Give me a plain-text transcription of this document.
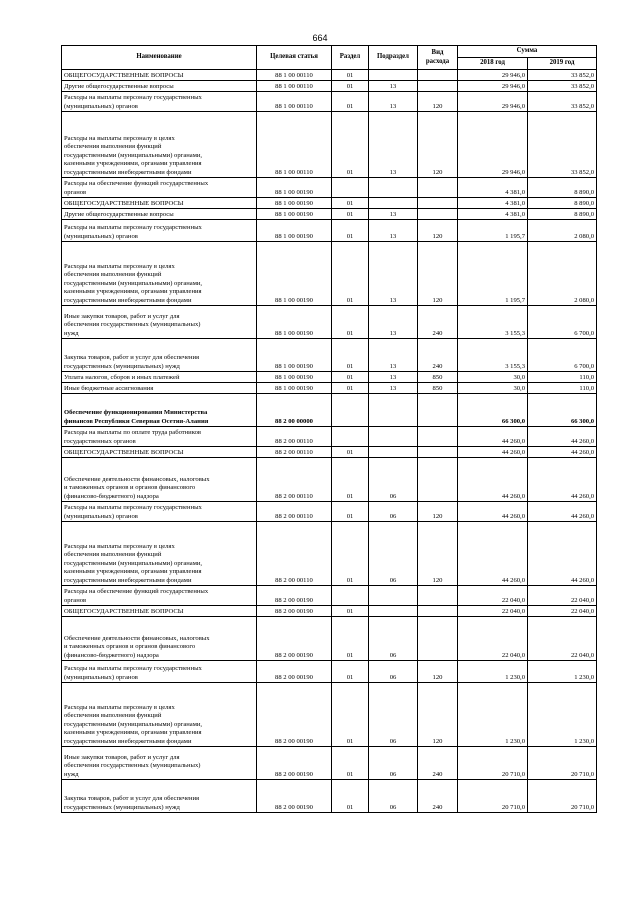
664
Наименование	Целевая статья	Раздел	Подраздел	Вид расхода	Сумма	
					2018 год	2019 год
ОБЩЕГОСУДАРСТВЕННЫЕ ВОПРОСЫ	88 1 00 00110	01			29 946,0	33 852,0
Другие общегосударственные вопросы	88 1 00 00110	01	13		29 946,0	33 852,0
Расходы на выплаты персоналу государственных
(муниципальных) органов	88 1 00 00110	01	13	120	29 946,0	33 852,0
Расходы на выплаты персоналу в целях
обеспечения выполнения функций
государственными (муниципальными) органами,
казенными учреждениями, органами управления
государственными внебюджетными фондами	88 1 00 00110	01	13	120	29 946,0	33 852,0
Расходы на обеспечение функций государственных
органов	88 1 00 00190				4 381,0	8 890,0
ОБЩЕГОСУДАРСТВЕННЫЕ ВОПРОСЫ	88 1 00 00190	01			4 381,0	8 890,0
Другие общегосударственные вопросы	88 1 00 00190	01	13		4 381,0	8 890,0
Расходы на выплаты персоналу государственных
(муниципальных) органов	88 1 00 00190	01	13	120	1 195,7	2 080,0
Расходы на выплаты персоналу в целях
обеспечения выполнения функций
государственными (муниципальными) органами,
казенными учреждениями, органами управления
государственными внебюджетными фондами	88 1 00 00190	01	13	120	1 195,7	2 080,0
Иные закупки товаров, работ и услуг для
обеспечения государственных (муниципальных)
нужд	88 1 00 00190	01	13	240	3 155,3	6 700,0
Закупка товаров, работ и услуг для обеспечения
государственных (муниципальных) нужд	88 1 00 00190	01	13	240	3 155,3	6 700,0
Уплата налогов, сборов и иных платежей	88 1 00 00190	01	13	850	30,0	110,0
Иные бюджетные ассигнования	88 1 00 00190	01	13	850	30,0	110,0
Обеспечение функционирования Министерства
финансов Республики Северная Осетия-Алания	88 2 00 00000				66 300,0	66 300,0
Расходы на выплаты по оплате труда работников
государственных органов	88 2 00 00110				44 260,0	44 260,0
ОБЩЕГОСУДАРСТВЕННЫЕ ВОПРОСЫ	88 2 00 00110	01			44 260,0	44 260,0
Обеспечение деятельности финансовых, налоговых
и таможенных органов и органов финансового
(финансово-бюджетного) надзора	88 2 00 00110	01	06		44 260,0	44 260,0
Расходы на выплаты персоналу государственных
(муниципальных) органов	88 2 00 00110	01	06	120	44 260,0	44 260,0
Расходы на выплаты персоналу в целях
обеспечения выполнения функций
государственными (муниципальными) органами,
казенными учреждениями, органами управления
государственными внебюджетными фондами	88 2 00 00110	01	06	120	44 260,0	44 260,0
Расходы на обеспечение функций государственных
органов	88 2 00 00190				22 040,0	22 040,0
ОБЩЕГОСУДАРСТВЕННЫЕ ВОПРОСЫ	88 2 00 00190	01			22 040,0	22 040,0
Обеспечение деятельности финансовых, налоговых
и таможенных органов и органов финансового
(финансово-бюджетного) надзора	88 2 00 00190	01	06		22 040,0	22 040,0
Расходы на выплаты персоналу государственных
(муниципальных) органов	88 2 00 00190	01	06	120	1 230,0	1 230,0
Расходы на выплаты персоналу в целях
обеспечения выполнения функций
государственными (муниципальными) органами,
казенными учреждениями, органами управления
государственными внебюджетными фондами	88 2 00 00190	01	06	120	1 230,0	1 230,0
Иные закупки товаров, работ и услуг для
обеспечения государственных (муниципальных)
нужд	88 2 00 00190	01	06	240	20 710,0	20 710,0
Закупка товаров, работ и услуг для обеспечения
государственных (муниципальных) нужд	88 2 00 00190	01	06	240	20 710,0	20 710,0
